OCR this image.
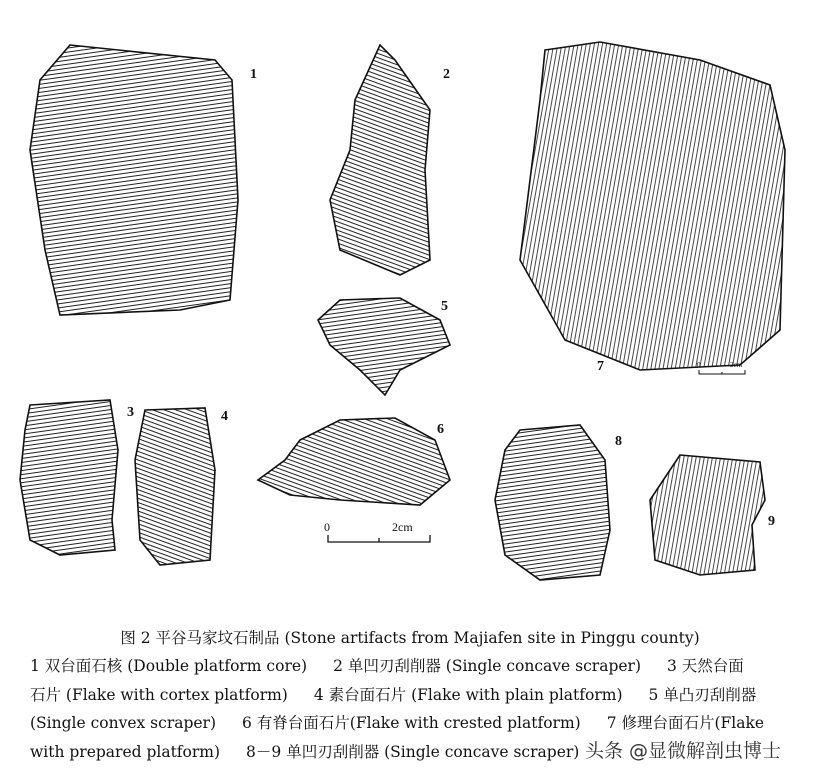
1	2
3	4
5
6
7
8
9
0	2cm
0	2cm
图 2 平谷马家坟石制品 (Stone artifacts from Majiafen site in Pinggu county)
1 双台面石核 (Double platform core) 2 单凹刃刮削器 (Single concave scraper) 3 天然台面
石片 (Flake with cortex platform) 4 素台面石片 (Flake with plain platform) 5 单凸刃刮削器
(Single convex scraper) 6 有脊台面石片(Flake with crested platform) 7 修理台面石片(Flake
with prepared platform) 8－9 单凹刃刮削器 (Single concave scraper) 头条 @显微解剖虫博士
